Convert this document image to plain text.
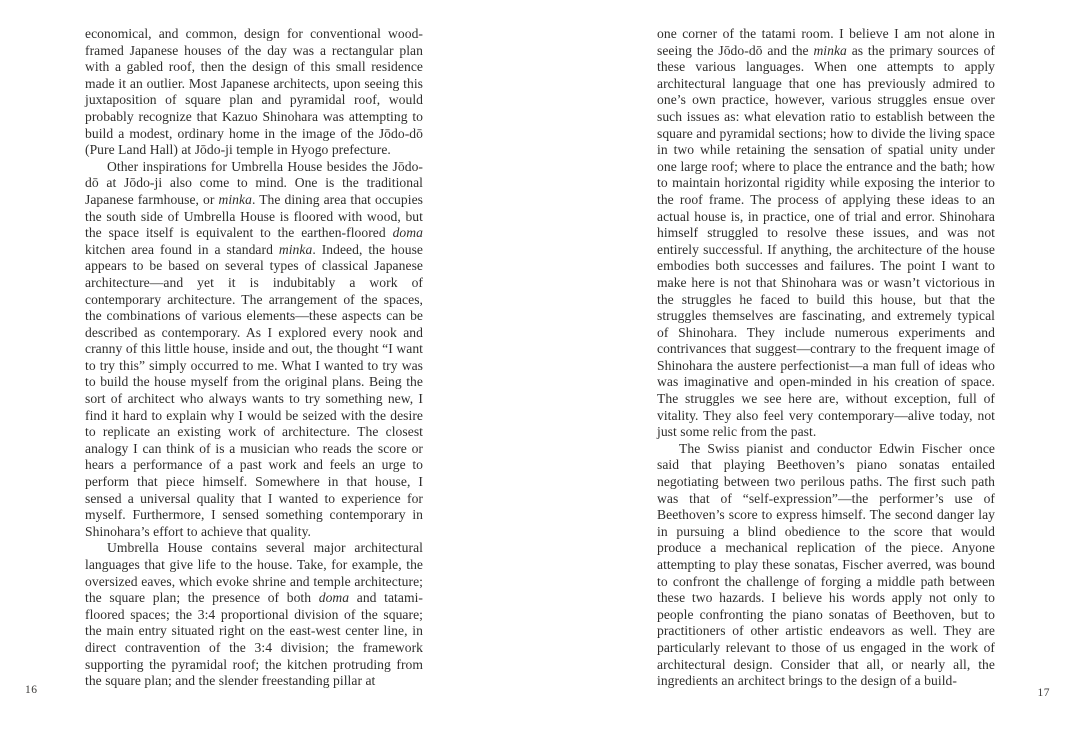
economical, and common, design for conventional wood-framed Japanese houses of the day was a rectangular plan with a gabled roof, then the design of this small residence made it an outlier. Most Japanese architects, upon seeing this juxtaposition of square plan and pyramidal roof, would probably recognize that Kazuo Shinohara was attempting to build a modest, ordinary home in the image of the Jōdo-dō (Pure Land Hall) at Jōdo-ji temple in Hyogo prefecture.

Other inspirations for Umbrella House besides the Jōdo-dō at Jōdo-ji also come to mind. One is the traditional Japanese farmhouse, or minka. The dining area that occupies the south side of Umbrella House is floored with wood, but the space itself is equivalent to the earthen-floored doma kitchen area found in a standard minka. Indeed, the house appears to be based on several types of classical Japanese architecture—and yet it is indubitably a work of contemporary architecture. The arrangement of the spaces, the combinations of various elements—these aspects can be described as contemporary. As I explored every nook and cranny of this little house, inside and out, the thought “I want to try this” simply occurred to me. What I wanted to try was to build the house myself from the original plans. Being the sort of architect who always wants to try something new, I find it hard to explain why I would be seized with the desire to replicate an existing work of architecture. The closest analogy I can think of is a musician who reads the score or hears a performance of a past work and feels an urge to perform that piece himself. Somewhere in that house, I sensed a universal quality that I wanted to experience for myself. Furthermore, I sensed something contemporary in Shinohara’s effort to achieve that quality.

Umbrella House contains several major architectural languages that give life to the house. Take, for example, the oversized eaves, which evoke shrine and temple architecture; the square plan; the presence of both doma and tatami-floored spaces; the 3:4 proportional division of the square; the main entry situated right on the east-west center line, in direct contravention of the 3:4 division; the framework supporting the pyramidal roof; the kitchen protruding from the square plan; and the slender freestanding pillar at

16

one corner of the tatami room. I believe I am not alone in seeing the Jōdo-dō and the minka as the primary sources of these various languages. When one attempts to apply architectural language that one has previously admired to one’s own practice, however, various struggles ensue over such issues as: what elevation ratio to establish between the square and pyramidal sections; how to divide the living space in two while retaining the sensation of spatial unity under one large roof; where to place the entrance and the bath; how to maintain horizontal rigidity while exposing the interior to the roof frame. The process of applying these ideas to an actual house is, in practice, one of trial and error. Shinohara himself struggled to resolve these issues, and was not entirely successful. If anything, the architecture of the house embodies both successes and failures. The point I want to make here is not that Shinohara was or wasn’t victorious in the struggles he faced to build this house, but that the struggles themselves are fascinating, and extremely typical of Shinohara. They include numerous experiments and contrivances that suggest—contrary to the frequent image of Shinohara the austere perfectionist—a man full of ideas who was imaginative and open-minded in his creation of space. The struggles we see here are, without exception, full of vitality. They also feel very contemporary—alive today, not just some relic from the past.

The Swiss pianist and conductor Edwin Fischer once said that playing Beethoven’s piano sonatas entailed negotiating between two perilous paths. The first such path was that of “self-expression”—the performer’s use of Beethoven’s score to express himself. The second danger lay in pursuing a blind obedience to the score that would produce a mechanical replication of the piece. Anyone attempting to play these sonatas, Fischer averred, was bound to confront the challenge of forging a middle path between these two hazards. I believe his words apply not only to people confronting the piano sonatas of Beethoven, but to practitioners of other artistic endeavors as well. They are particularly relevant to those of us engaged in the work of architectural design. Consider that all, or nearly all, the ingredients an architect brings to the design of a build-

17
